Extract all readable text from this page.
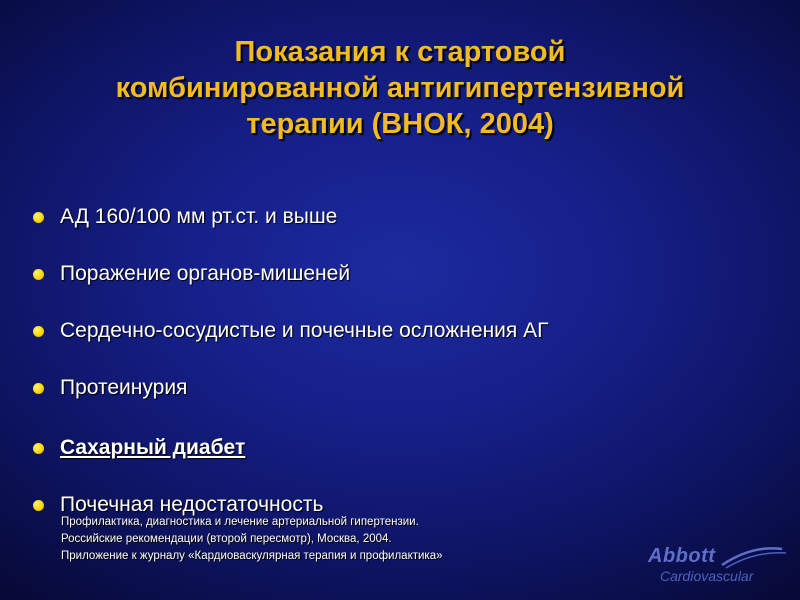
Показания к стартовой
комбинированной антигипертензивной
терапии (ВНОК, 2004)
АД 160/100 мм рт.ст. и выше
Поражение органов-мишеней
Сердечно-сосудистые и почечные осложнения АГ
Протеинурия
Сахарный диабет
Почечная недостаточность
Профилактика, диагностика и лечение артериальной гипертензии.
Российские рекомендации (второй пересмотр), Москва, 2004.
Приложение к журналу «Кардиоваскулярная терапия и профилактика»	Abbott
Cardiovascular
